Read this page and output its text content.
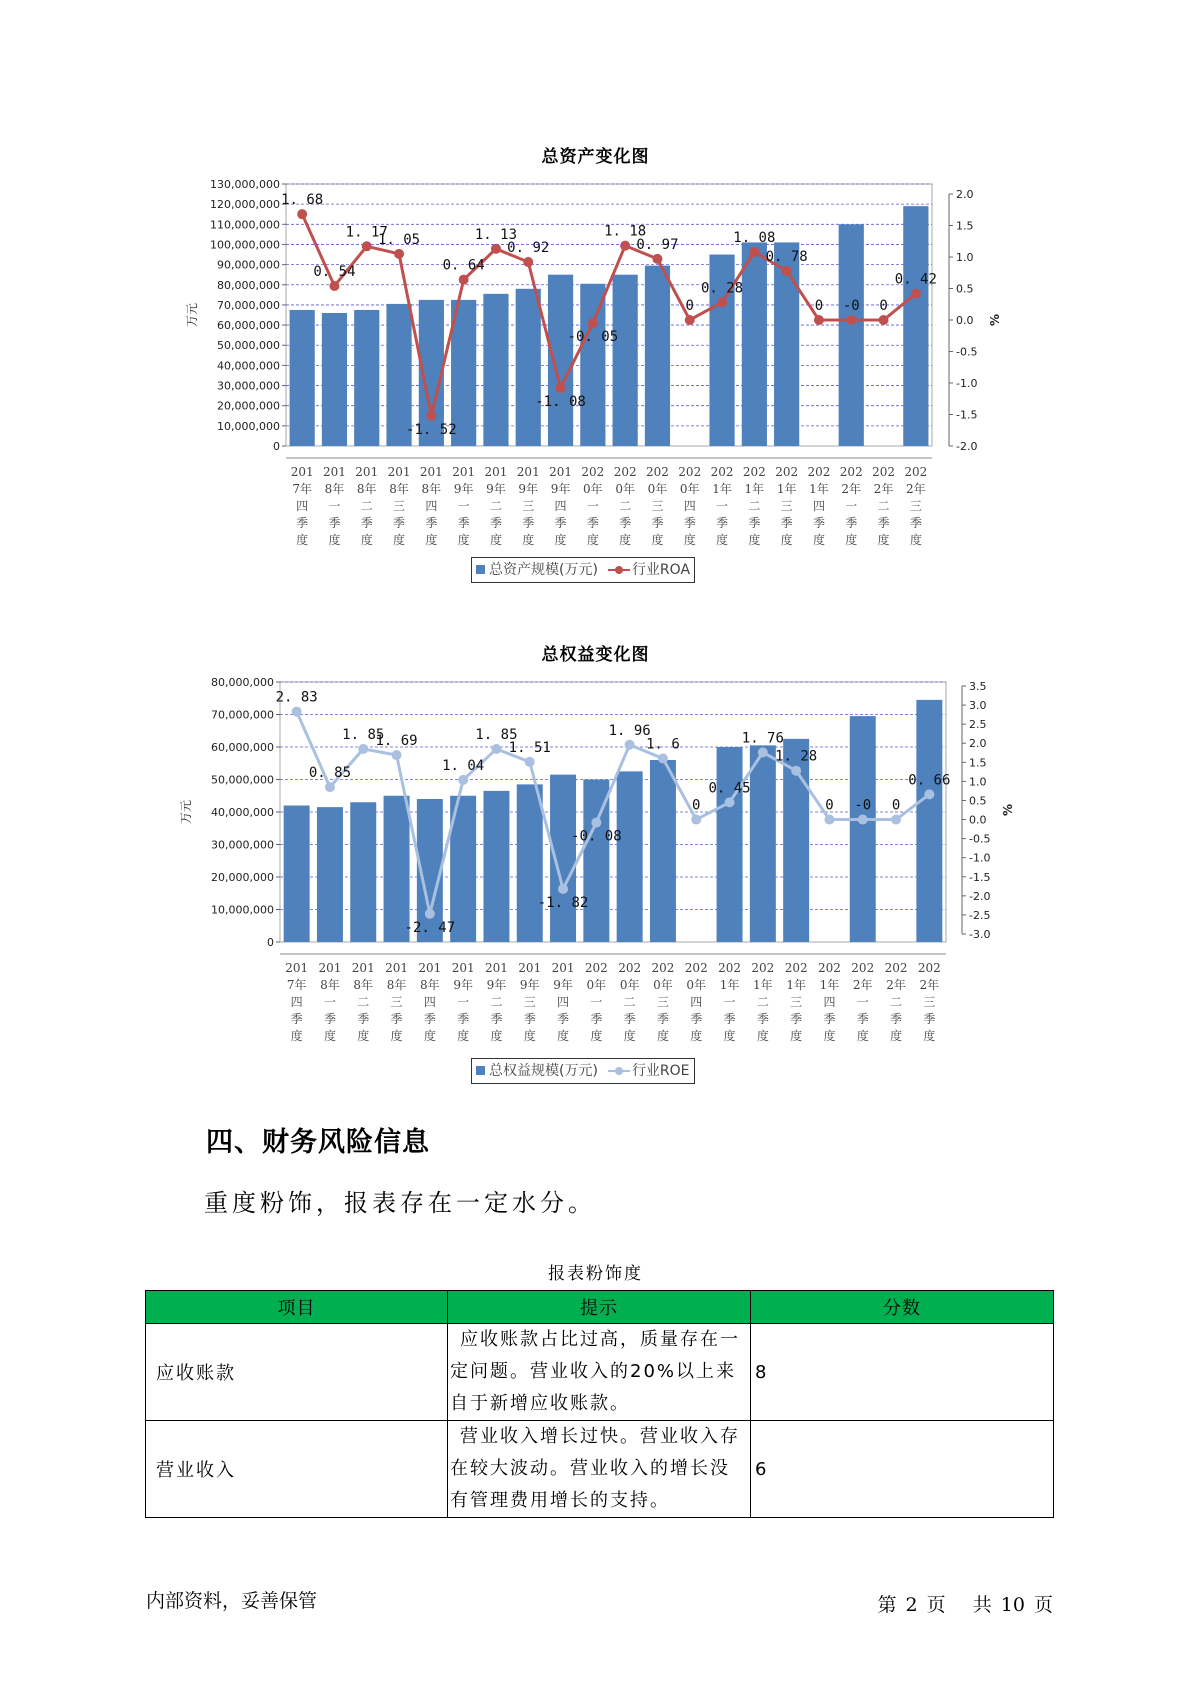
总资产变化图
0
10,000,000
20,000,000
30,000,000
40,000,000
50,000,000
60,000,000
70,000,000
80,000,000
90,000,000
100,000,000
110,000,000
120,000,000
130,000,000
-2.0
-1.5
-1.0
-0.5
0.0
0.5
1.0
1.5
2.0
万元	%
201
7年
四
季
度
201
8年
一
季
度
201
8年
二
季
度
201
8年
三
季
度
201
8年
四
季
度
201
9年
一
季
度
201
9年
二
季
度
201
9年
三
季
度
201
9年
四
季
度
202
0年
一
季
度
202
0年
二
季
度
202
0年
三
季
度
202
0年
四
季
度
202
1年
一
季
度
202
1年
二
季
度
202
1年
三
季
度
202
1年
四
季
度
202
2年
一
季
度
202
2年
二
季
度
202
2年
三
季
度
1. 68
0. 54
1. 17
1. 05
-1. 52
0. 64
1. 13
0. 92
-1. 08
-0. 05
1. 18
0. 97
0
0. 28
1. 08
0. 78
0 -0 0
0. 42
总资产规模(万元) 行业ROA
总权益变化图
0
10,000,000
20,000,000
30,000,000
40,000,000
50,000,000
60,000,000
70,000,000
80,000,000
-3.0
-2.5
-2.0
-1.5
-1.0
-0.5
0.0
0.5
1.0
1.5
2.0
2.5
3.0
3.5
万元	%
201
7年
四
季
度
201
8年
一
季
度
201
8年
二
季
度
201
8年
三
季
度
201
8年
四
季
度
201
9年
一
季
度
201
9年
二
季
度
201
9年
三
季
度
201
9年
四
季
度
202
0年
一
季
度
202
0年
二
季
度
202
0年
三
季
度
202
0年
四
季
度
202
1年
一
季
度
202
1年
二
季
度
202
1年
三
季
度
202
1年
四
季
度
202
2年
一
季
度
202
2年
二
季
度
202
2年
三
季
度
2. 83
0. 85
1. 85
1. 69
-2. 47
1. 04
1. 85
1. 51
-1. 82
-0. 08
1. 96
1. 6
0
0. 45
1. 76
1. 28
0 -0 0
0. 66
总权益规模(万元) 行业ROE
四、财务风险信息
重度粉饰，报表存在一定水分。
报表粉饰度
项目	提示	分数
应收账款	应收账款占比过高，质量存在一定问题。营业收入的20%以上来自于新增应收账款。	8
营业收入	营业收入增长过快。营业收入存在较大波动。营业收入的增长没有管理费用增长的支持。	6
内部资料，妥善保管	第 2 页   共 10 页
